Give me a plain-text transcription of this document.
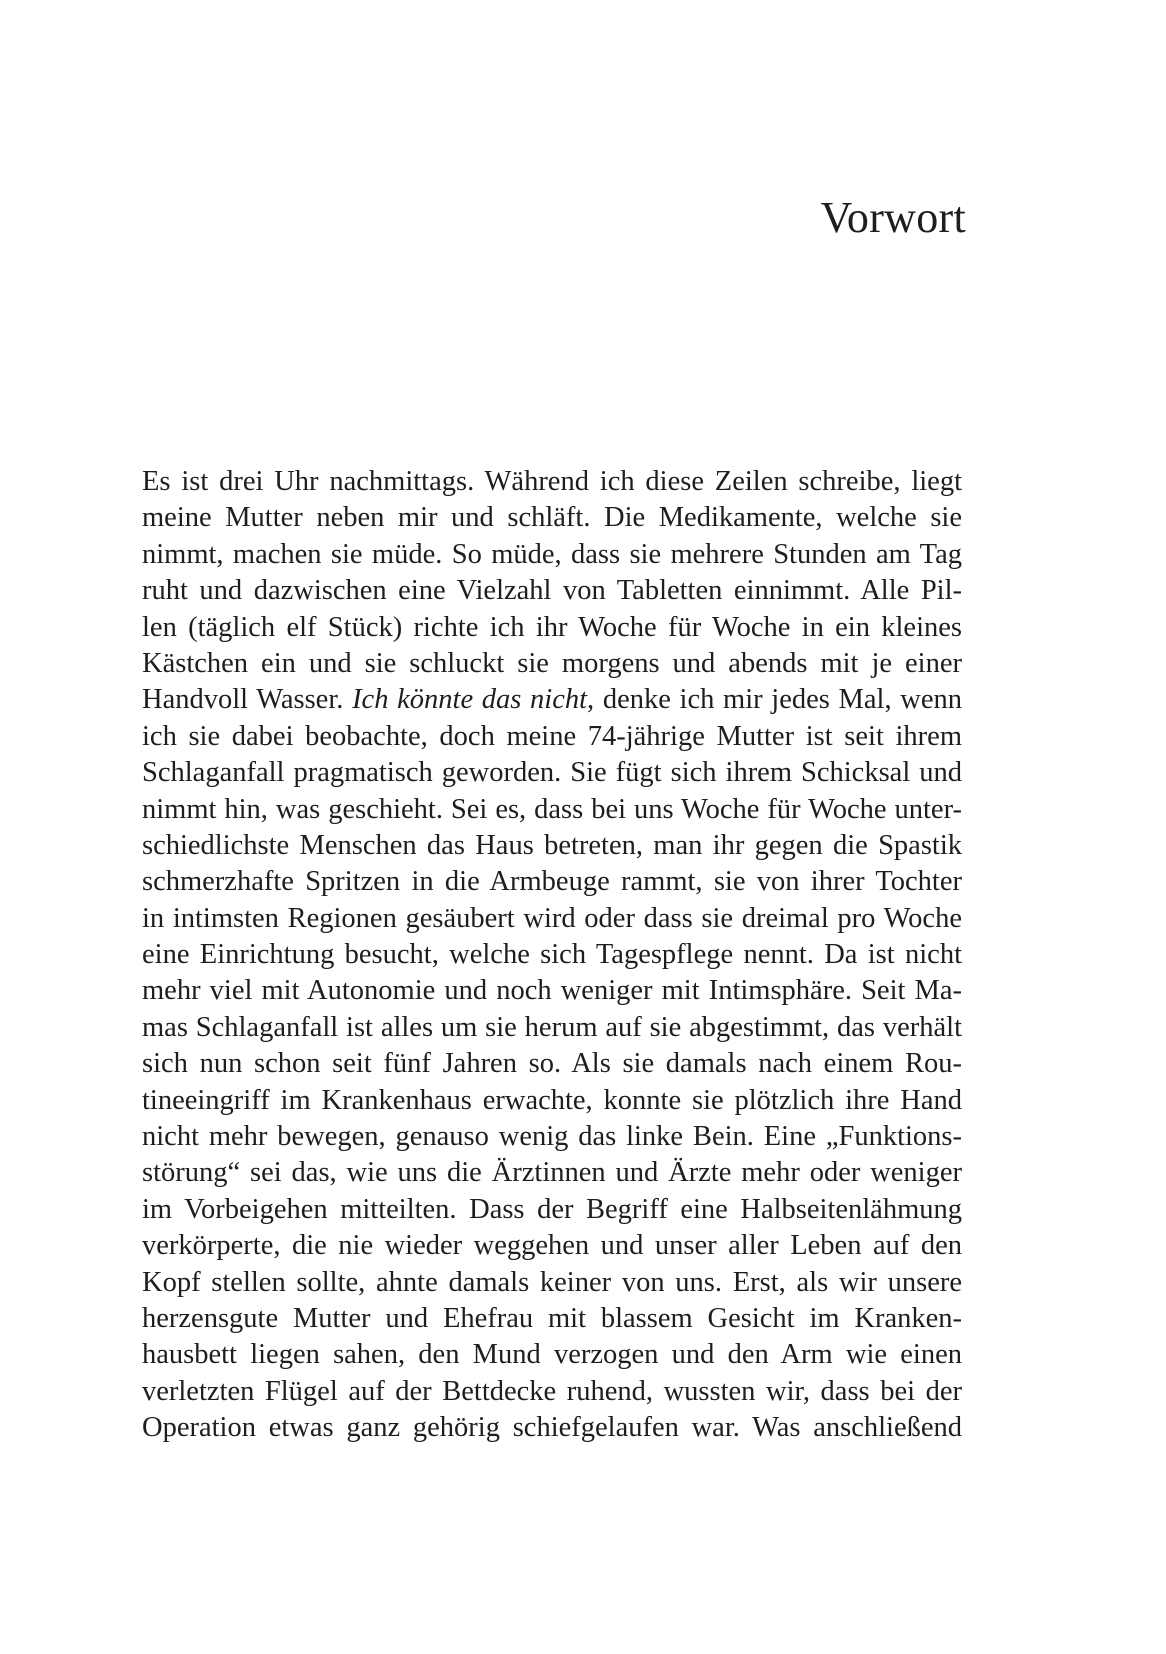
Vorwort
Es ist drei Uhr nachmittags. Während ich diese Zeilen schreibe, liegt
meine Mutter neben mir und schläft. Die Medikamente, welche sie
nimmt, machen sie müde. So müde, dass sie mehrere Stunden am Tag
ruht und dazwischen eine Vielzahl von Tabletten einnimmt. Alle Pil-
len (täglich elf Stück) richte ich ihr Woche für Woche in ein kleines
Kästchen ein und sie schluckt sie morgens und abends mit je einer
Handvoll Wasser. Ich könnte das nicht, denke ich mir jedes Mal, wenn
ich sie dabei beobachte, doch meine 74-jährige Mutter ist seit ihrem
Schlaganfall pragmatisch geworden. Sie fügt sich ihrem Schicksal und
nimmt hin, was geschieht. Sei es, dass bei uns Woche für Woche unter-
schiedlichste Menschen das Haus betreten, man ihr gegen die Spastik
schmerzhafte Spritzen in die Armbeuge rammt, sie von ihrer Tochter
in intimsten Regionen gesäubert wird oder dass sie dreimal pro Woche
eine Einrichtung besucht, welche sich Tagespflege nennt. Da ist nicht
mehr viel mit Autonomie und noch weniger mit Intimsphäre. Seit Ma-
mas Schlaganfall ist alles um sie herum auf sie abgestimmt, das verhält
sich nun schon seit fünf Jahren so. Als sie damals nach einem Rou-
tineeingriff im Krankenhaus erwachte, konnte sie plötzlich ihre Hand
nicht mehr bewegen, genauso wenig das linke Bein. Eine „Funktions-
störung“ sei das, wie uns die Ärztinnen und Ärzte mehr oder weniger
im Vorbeigehen mitteilten. Dass der Begriff eine Halbseitenlähmung
verkörperte, die nie wieder weggehen und unser aller Leben auf den
Kopf stellen sollte, ahnte damals keiner von uns. Erst, als wir unsere
herzensgute Mutter und Ehefrau mit blassem Gesicht im Kranken-
hausbett liegen sahen, den Mund verzogen und den Arm wie einen
verletzten Flügel auf der Bettdecke ruhend, wussten wir, dass bei der
Operation etwas ganz gehörig schiefgelaufen war. Was anschließend
